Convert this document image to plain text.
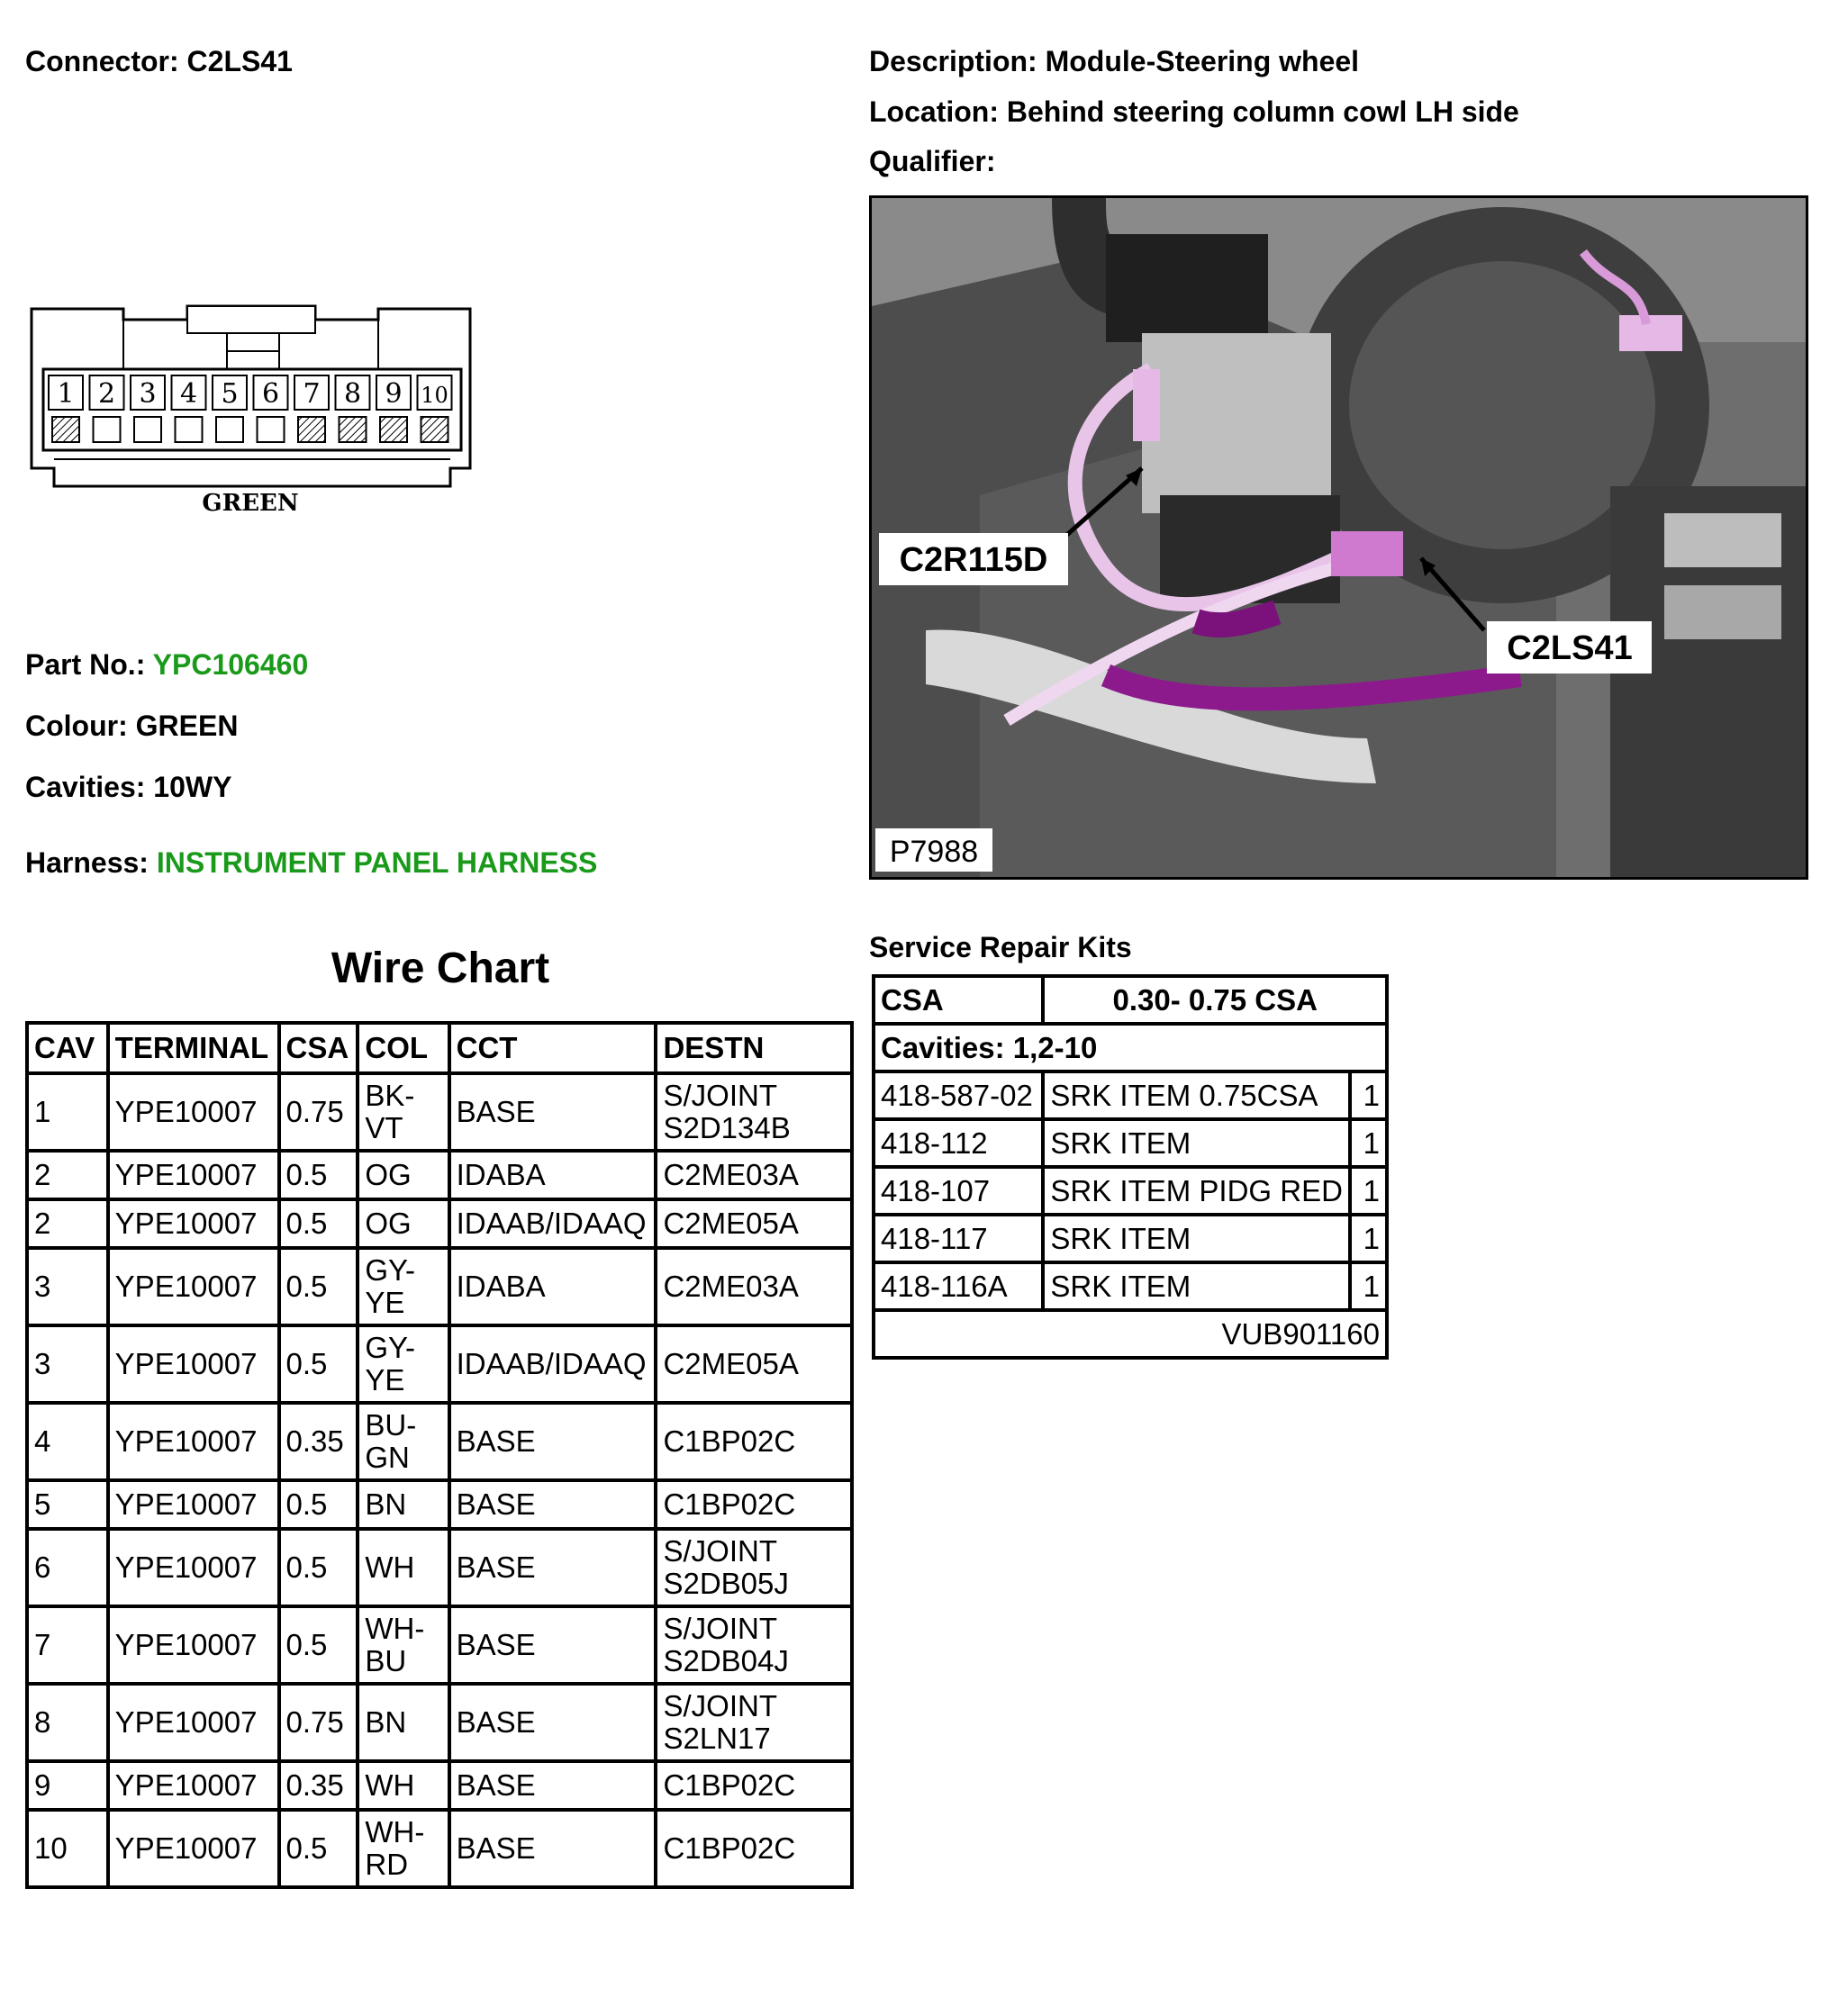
Connector: C2LS41	Description: Module-Steering wheel
Location: Behind steering column cowl LH side
Qualifier:
1 2 3 4 5 6 7 8 9 10
GREEN
Part No.: YPC106460
Colour: GREEN
Cavities: 10WY
Harness: INSTRUMENT PANEL HARNESS
C2R115D
C2LS41
P7988
Wire Chart
CAV	TERMINAL	CSA	COL	CCT	DESTN
1	YPE10007	0.75	BK-
VT	BASE	S/JOINT
S2D134B
2	YPE10007	0.5	OG	IDABA	C2ME03A
2	YPE10007	0.5	OG	IDAAB/IDAAQ	C2ME05A
3	YPE10007	0.5	GY-
YE	IDABA	C2ME03A
3	YPE10007	0.5	GY-
YE	IDAAB/IDAAQ	C2ME05A
4	YPE10007	0.35	BU-
GN	BASE	C1BP02C
5	YPE10007	0.5	BN	BASE	C1BP02C
6	YPE10007	0.5	WH	BASE	S/JOINT
S2DB05J
7	YPE10007	0.5	WH-
BU	BASE	S/JOINT
S2DB04J
8	YPE10007	0.75	BN	BASE	S/JOINT
S2LN17
9	YPE10007	0.35	WH	BASE	C1BP02C
10	YPE10007	0.5	WH-
RD	BASE	C1BP02C
Service Repair Kits
CSA	0.30- 0.75 CSA	
Cavities: 1,2-10		
418-587-02	SRK ITEM 0.75CSA	1
418-112	SRK ITEM	1
418-107	SRK ITEM PIDG RED	1
418-117	SRK ITEM	1
418-116A	SRK ITEM	1
VUB901160		
